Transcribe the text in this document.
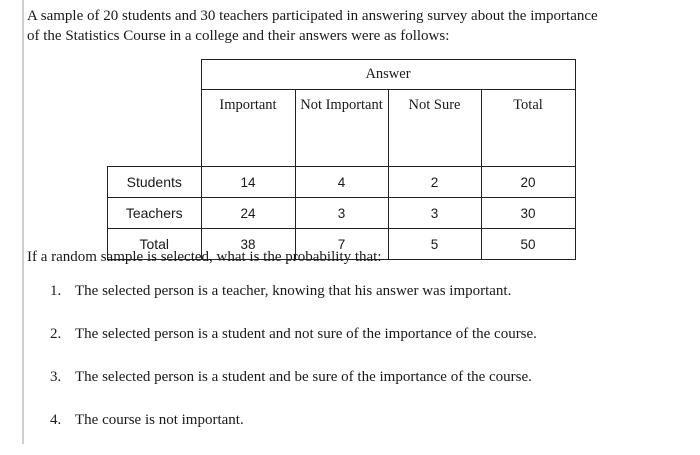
A sample of 20 students and 30 teachers participated in answering survey about the importance

of the Statistics Course in a college and their answers were as follows:

	Answer			
	Important	Not Important	Not Sure	Total
Students	14	4	2	20
Teachers	24	3	3	30
Total	38	7	5	50
If a random sample is selected, what is the probability that:
1. The selected person is a teacher, knowing that his answer was important.
2. The selected person is a student and not sure of the importance of the course.
3. The selected person is a student and be sure of the importance of the course.
4. The course is not important.
